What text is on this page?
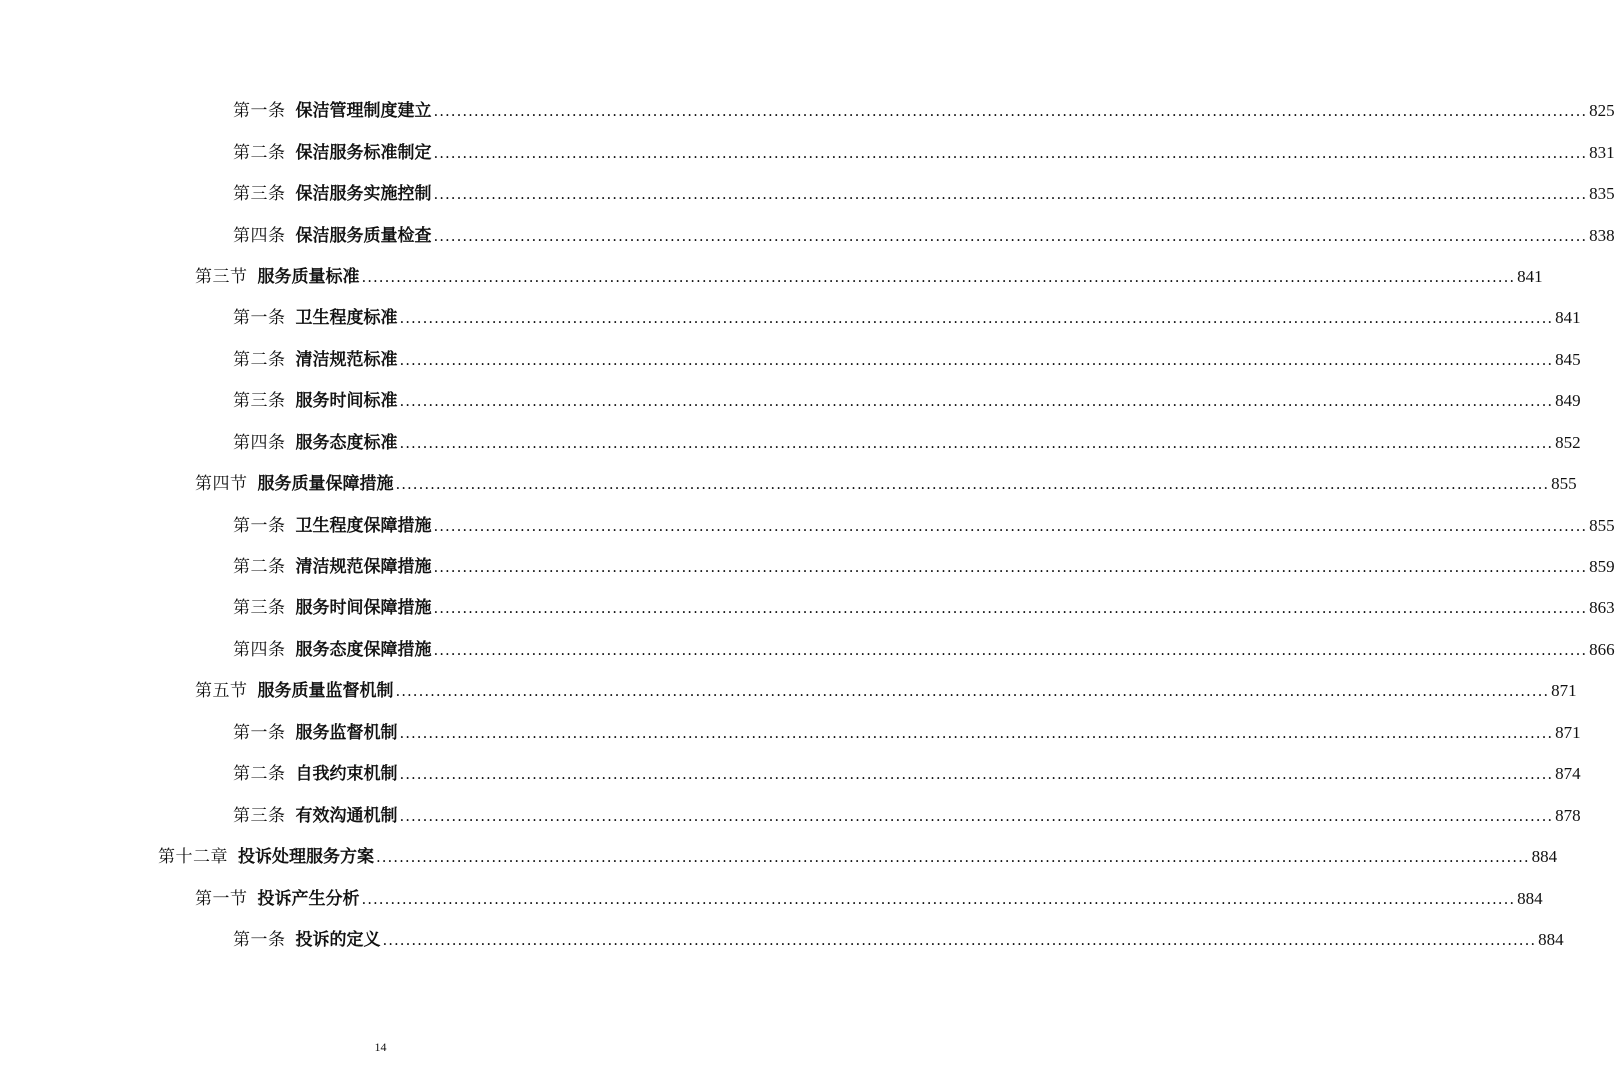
第一条 保洁管理制度建立 ........................................................................................................................................................................................................ 825
第二条 保洁服务标准制定 ........................................................................................................................................................................................................ 831
第三条 保洁服务实施控制 ........................................................................................................................................................................................................ 835
第四条 保洁服务质量检查 ........................................................................................................................................................................................................ 838
第三节 服务质量标准 ........................................................................................................................................................................................................ 841
第一条 卫生程度标准 ........................................................................................................................................................................................................ 841
第二条 清洁规范标准 ........................................................................................................................................................................................................ 845
第三条 服务时间标准 ........................................................................................................................................................................................................ 849
第四条 服务态度标准 ........................................................................................................................................................................................................ 852
第四节 服务质量保障措施 ........................................................................................................................................................................................................ 855
第一条 卫生程度保障措施 ........................................................................................................................................................................................................ 855
第二条 清洁规范保障措施 ........................................................................................................................................................................................................ 859
第三条 服务时间保障措施 ........................................................................................................................................................................................................ 863
第四条 服务态度保障措施 ........................................................................................................................................................................................................ 866
第五节 服务质量监督机制 ........................................................................................................................................................................................................ 871
第一条 服务监督机制 ........................................................................................................................................................................................................ 871
第二条 自我约束机制 ........................................................................................................................................................................................................ 874
第三条 有效沟通机制 ........................................................................................................................................................................................................ 878
第十二章 投诉处理服务方案 ........................................................................................................................................................................................................ 884
第一节 投诉产生分析 ........................................................................................................................................................................................................ 884
第一条 投诉的定义 ........................................................................................................................................................................................................ 884
14
